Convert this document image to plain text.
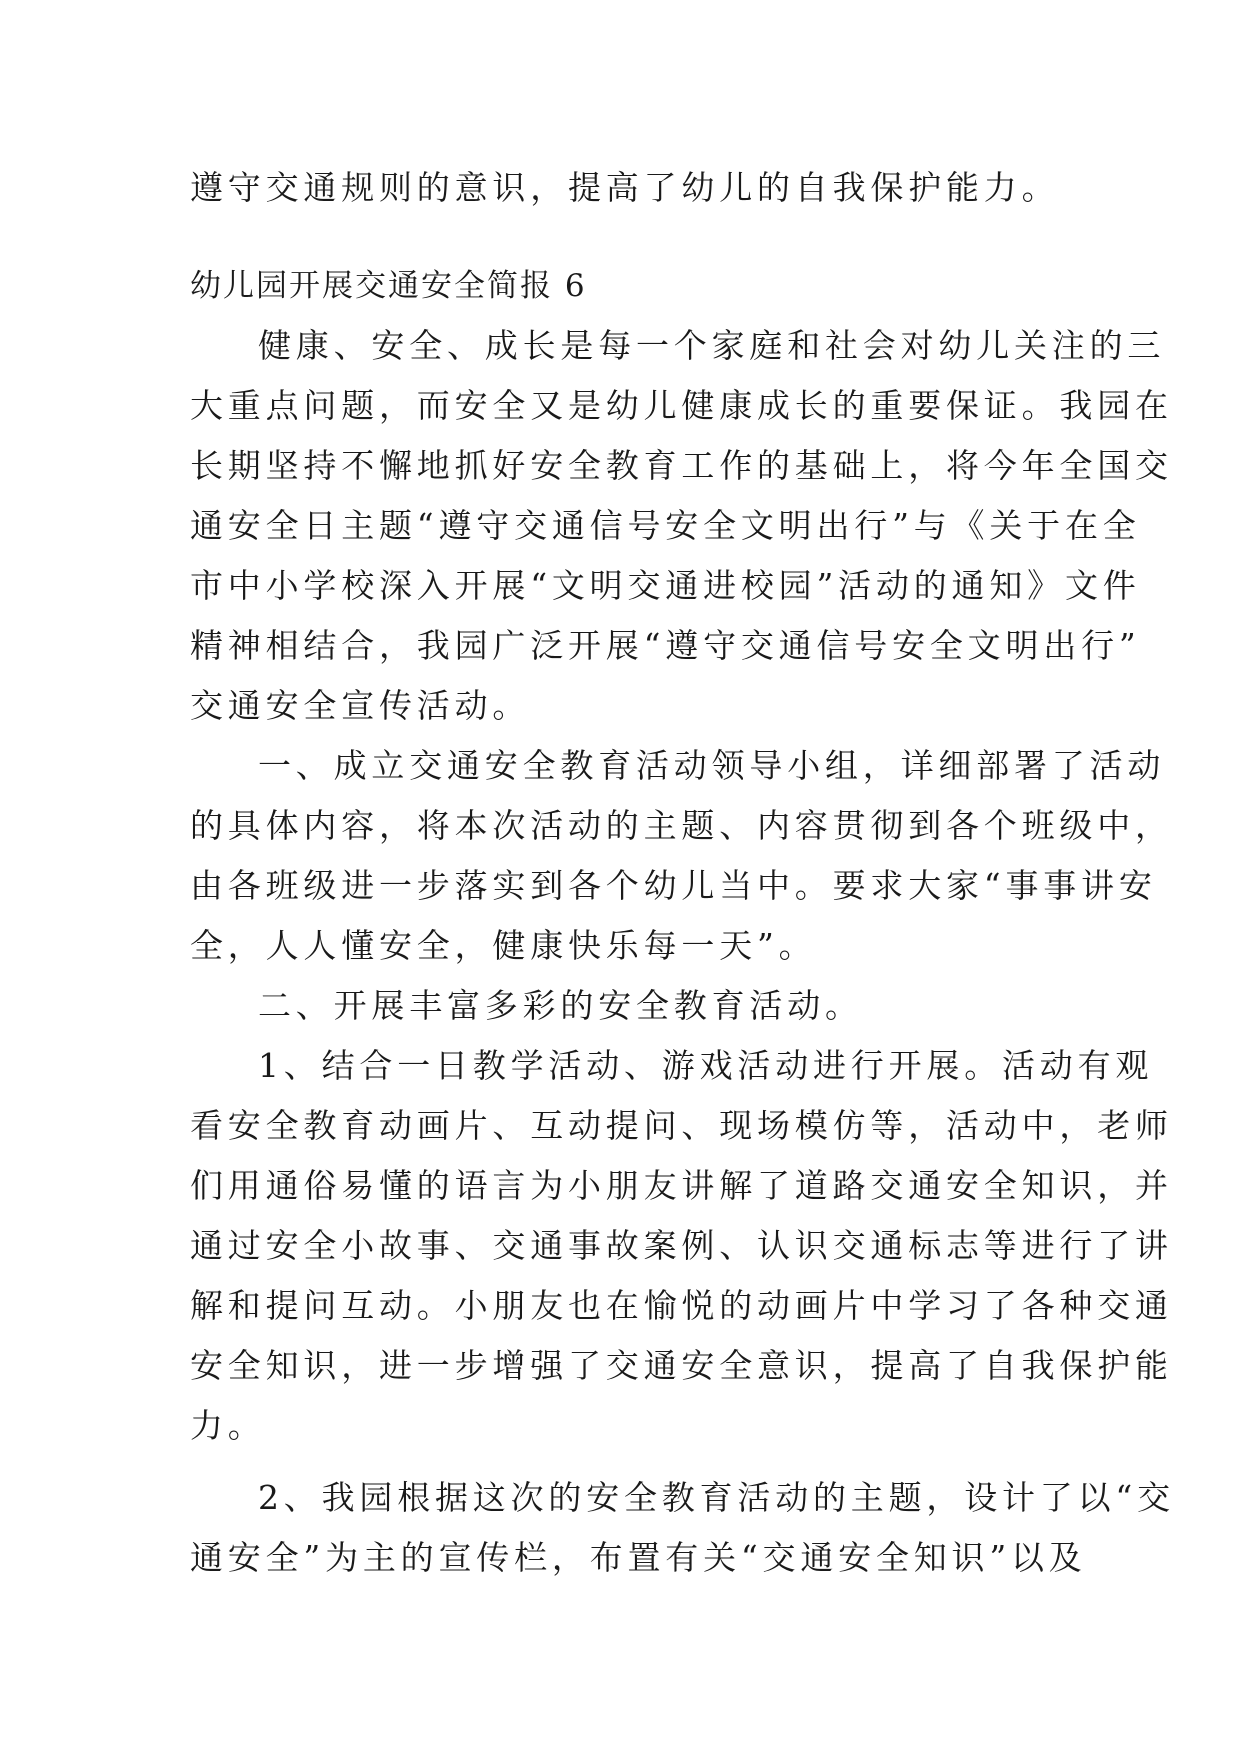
遵守交通规则的意识，提高了幼儿的自我保护能力。

幼儿园开展交通安全简报 6

健康、安全、成长是每一个家庭和社会对幼儿关注的三

大重点问题，而安全又是幼儿健康成长的重要保证。我园在

长期坚持不懈地抓好安全教育工作的基础上，将今年全国交

通安全日主题“遵守交通信号安全文明出行”与《关于在全

市中小学校深入开展“文明交通进校园”活动的通知》文件

精神相结合，我园广泛开展“遵守交通信号安全文明出行”

交通安全宣传活动。

一、成立交通安全教育活动领导小组，详细部署了活动

的具体内容，将本次活动的主题、内容贯彻到各个班级中，

由各班级进一步落实到各个幼儿当中。要求大家“事事讲安

全，人人懂安全，健康快乐每一天”。

二、开展丰富多彩的安全教育活动。

1、结合一日教学活动、游戏活动进行开展。活动有观

看安全教育动画片、互动提问、现场模仿等，活动中，老师

们用通俗易懂的语言为小朋友讲解了道路交通安全知识，并

通过安全小故事、交通事故案例、认识交通标志等进行了讲

解和提问互动。小朋友也在愉悦的动画片中学习了各种交通

安全知识，进一步增强了交通安全意识，提高了自我保护能

力。

2、我园根据这次的安全教育活动的主题，设计了以“交

通安全”为主的宣传栏，布置有关“交通安全知识”以及
